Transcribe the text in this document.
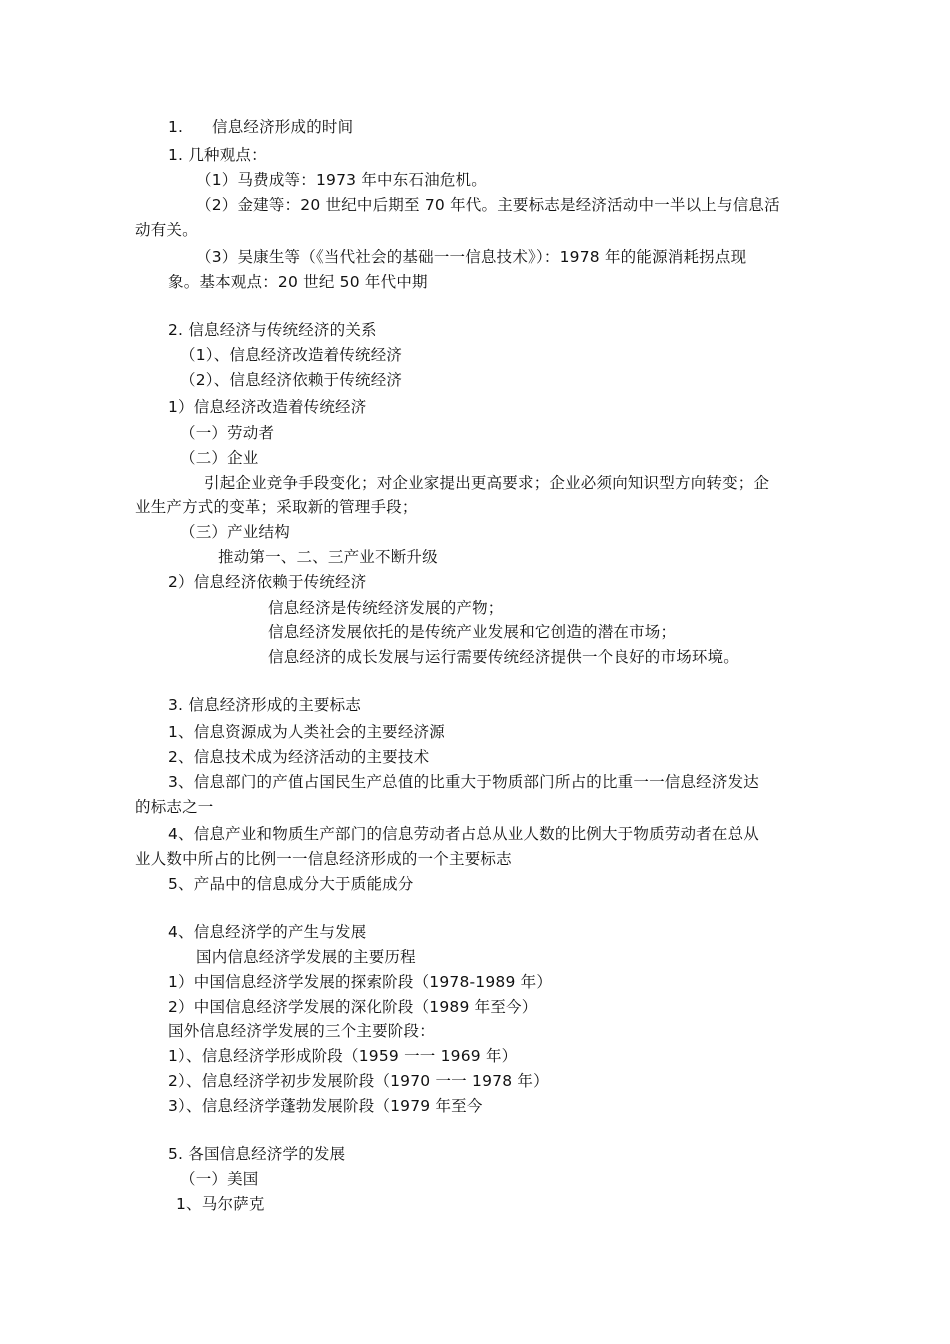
1. 信息经济形成的时间
1. 几种观点：
（1）马费成等：1973 年中东石油危机。
（2）金建等：20 世纪中后期至 70 年代。主要标志是经济活动中一半以上与信息活
动有关。
（3）吴康生等（《当代社会的基础一一信息技术》）：1978 年的能源消耗拐点现
象。基本观点：20 世纪 50 年代中期
2. 信息经济与传统经济的关系
（1）、信息经济改造着传统经济
（2）、信息经济依赖于传统经济
1）信息经济改造着传统经济
（一）劳动者
（二）企业
引起企业竞争手段变化；对企业家提出更高要求；企业必须向知识型方向转变；企
业生产方式的变革；采取新的管理手段；
（三）产业结构
推动第一、二、三产业不断升级
2）信息经济依赖于传统经济
信息经济是传统经济发展的产物；
信息经济发展依托的是传统产业发展和它创造的潜在市场；
信息经济的成长发展与运行需要传统经济提供一个良好的市场环境。
3. 信息经济形成的主要标志
1、信息资源成为人类社会的主要经济源
2、信息技术成为经济活动的主要技术
3、信息部门的产值占国民生产总值的比重大于物质部门所占的比重一一信息经济发达
的标志之一
4、信息产业和物质生产部门的信息劳动者占总从业人数的比例大于物质劳动者在总从
业人数中所占的比例一一信息经济形成的一个主要标志
5、产品中的信息成分大于质能成分
4、信息经济学的产生与发展
国内信息经济学发展的主要历程
1）中国信息经济学发展的探索阶段（1978-1989 年）
2）中国信息经济学发展的深化阶段（1989 年至今）
国外信息经济学发展的三个主要阶段：
1）、信息经济学形成阶段（1959 一一 1969 年）
2）、信息经济学初步发展阶段（1970 一一 1978 年）
3）、信息经济学蓬勃发展阶段（1979 年至今
5. 各国信息经济学的发展
（一）美国
1、马尔萨克
